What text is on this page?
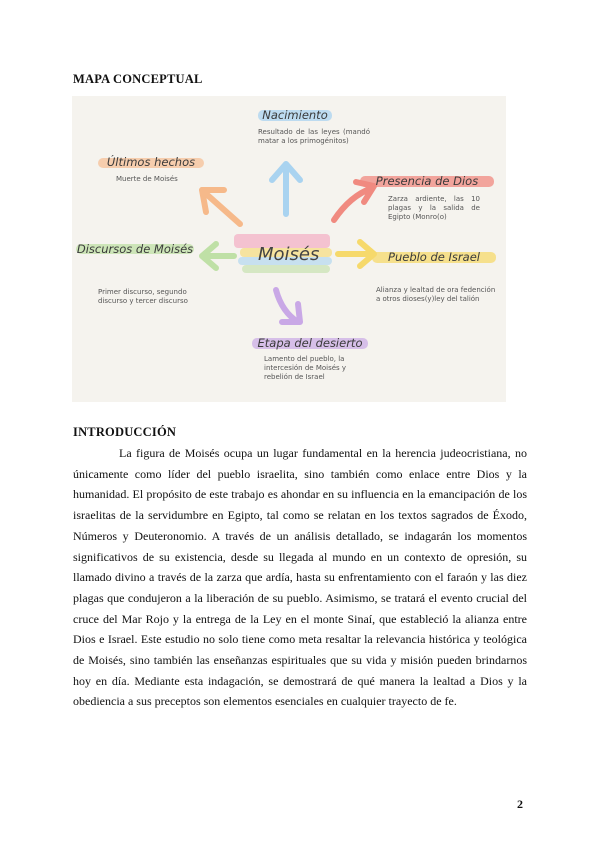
MAPA CONCEPTUAL
Moisés
Nacimiento
Resultado de las leyes (mandó matar a los primogénitos)
Últimos hechos
Muerte de Moisés	Presencia de Dios
Zarza ardiente, las 10 plagas y la salida de Egipto (Monro(o)
Discursos de Moisés
Primer discurso, segundo discurso y tercer discurso
Pueblo de Israel
Alianza y lealtad de ora fedención a otros dioses(y)ley del talión
Etapa del desierto
Lamento del pueblo, la intercesión de Moisés y rebelión de Israel
INTRODUCCIÓN

La figura de Moisés ocupa un lugar fundamental en la herencia judeocristiana, no únicamente como líder del pueblo israelita, sino también como enlace entre Dios y la humanidad. El propósito de este trabajo es ahondar en su influencia en la emancipación de los israelitas de la servidumbre en Egipto, tal como se relatan en los textos sagrados de Éxodo, Números y Deuteronomio. A través de un análisis detallado, se indagarán los momentos significativos de su existencia, desde su llegada al mundo en un contexto de opresión, su llamado divino a través de la zarza que ardía, hasta su enfrentamiento con el faraón y las diez plagas que condujeron a la liberación de su pueblo. Asimismo, se tratará el evento crucial del cruce del Mar Rojo y la entrega de la Ley en el monte Sinaí, que estableció la alianza entre Dios e Israel. Este estudio no solo tiene como meta resaltar la relevancia histórica y teológica de Moisés, sino también las enseñanzas espirituales que su vida y misión pueden brindarnos hoy en día. Mediante esta indagación, se demostrará de qué manera la lealtad a Dios y la obediencia a sus preceptos son elementos esenciales en cualquier trayecto de fe.

2
